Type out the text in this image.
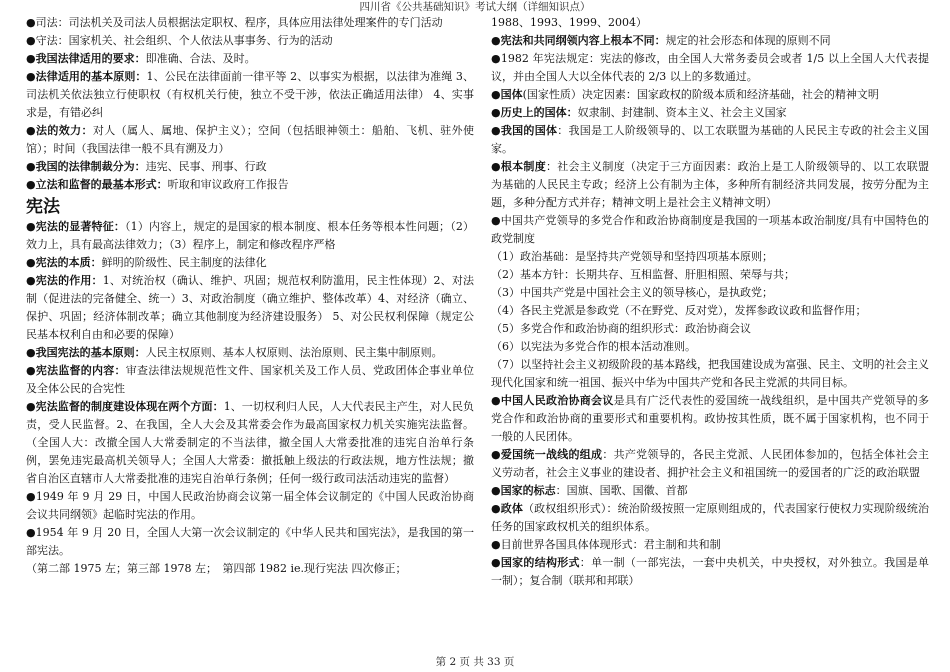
四川省《公共基础知识》考试大纲（详细知识点）

●司法：司法机关及司法人员根据法定职权、程序，具体应用法律处理案件的专门活动

●守法：国家机关、社会组织、个人依法从事事务、行为的活动

●我国法律适用的要求：即准确、合法、及时。

●法律适用的基本原则：1、公民在法律面前一律平等 2、以事实为根据，以法律为准绳 3、司法机关依法独立行使职权（有权机关行使，独立不受干涉，依法正确适用法律） 4、实事求是，有错必纠

●法的效力：对人（属人、属地、保护主义）；空间（包括眼神领土：船舶、飞机、驻外使馆）；时间（我国法律一般不具有溯及力）

●我国的法律制裁分为：违宪、民事、刑事、行政

●立法和监督的最基本形式：听取和审议政府工作报告

宪法

●宪法的显著特征：（1）内容上，规定的是国家的根本制度、根本任务等根本性问题；（2）效力上，具有最高法律效力；（3）程序上，制定和修改程序严格

●宪法的本质：鲜明的阶级性、民主制度的法律化

●宪法的作用：1、对统治权（确认、维护、巩固；规范权利防滥用，民主性体现）2、对法制（促进法的完备健全、统一）3、对政治制度（确立维护、整体改革）4、对经济（确立、保护、巩固；经济体制改革；确立其他制度为经济建设服务） 5、对公民权利保障（规定公民基本权利自由和必要的保障）

●我国宪法的基本原则：人民主权原则、基本人权原则、法治原则、民主集中制原则。

●宪法监督的内容：审查法律法规规范性文件、国家机关及工作人员、党政团体企事业单位及全体公民的合宪性

●宪法监督的制度建设体现在两个方面：1、一切权利归人民，人大代表民主产生，对人民负责，受人民监督。2、在我国，全人大会及其常委会作为最高国家权力机关实施宪法监督。（全国人大：改撤全国人大常委制定的不当法律，撤全国人大常委批准的违宪自治单行条例，罢免违宪最高机关领导人；全国人大常委：撤抵触上级法的行政法规，地方性法规；撤省自治区直辖市人大常委批准的违宪自治单行条例；任何一级行政司法活动违宪的监督）

●1949 年 9 月 29 日，中国人民政治协商会议第一届全体会议制定的《中国人民政治协商会议共同纲领》起临时宪法的作用。

●1954 年 9 月 20 日，全国人大第一次会议制定的《中华人民共和国宪法》，是我国的第一部宪法。

（第二部 1975 左；第三部 1978 左；　第四部 1982 ie.现行宪法 四次修正；

1988、1993、1999、2004）

●宪法和共同纲领内容上根本不同：规定的社会形态和体现的原则不同

●1982 年宪法规定：宪法的修改，由全国人大常务委员会或者 1/5 以上全国人大代表提议，并由全国人大以全体代表的 2/3 以上的多数通过。

●国体(国家性质）决定因素：国家政权的阶级本质和经济基础，社会的精神文明

●历史上的国体：奴隶制、封建制、资本主义、社会主义国家

●我国的国体：我国是工人阶级领导的、以工农联盟为基础的人民民主专政的社会主义国家。

●根本制度：社会主义制度（决定于三方面因素：政治上是工人阶级领导的、以工农联盟为基础的人民民主专政；经济上公有制为主体，多种所有制经济共同发展，按劳分配为主题，多种分配方式并存；精神文明上是社会主义精神文明）

●中国共产党领导的多党合作和政治协商制度是我国的一项基本政治制度/具有中国特色的政党制度

（1）政治基础：是坚持共产党领导和坚持四项基本原则；

（2）基本方针：长期共存、互相监督、肝胆相照、荣辱与共；

（3）中国共产党是中国社会主义的领导核心，是执政党；

（4）各民主党派是参政党（不在野党、反对党），发挥参政议政和监督作用；

（5）多党合作和政治协商的组织形式：政治协商会议

（6）以宪法为多党合作的根本活动准则。

（7）以坚持社会主义初级阶段的基本路线，把我国建设成为富强、民主、文明的社会主义现代化国家和统一祖国、振兴中华为中国共产党和各民主党派的共同目标。

●中国人民政治协商会议是具有广泛代表性的爱国统一战线组织，是中国共产党领导的多党合作和政治协商的重要形式和重要机构。政协按其性质，既不属于国家机构，也不同于一般的人民团体。

●爱国统一战线的组成：共产党领导的，各民主党派、人民团体参加的，包括全体社会主义劳动者，社会主义事业的建设者、拥护社会主义和祖国统一的爱国者的广泛的政治联盟

●国家的标志：国旗、国歌、国徽、首都

●政体（政权组织形式）：统治阶级按照一定原则组成的，代表国家行使权力实现阶级统治任务的国家政权机关的组织体系。

●目前世界各国具体体现形式：君主制和共和制

●国家的结构形式：单一制（一部宪法，一套中央机关，中央授权，对外独立。我国是单一制）；复合制（联邦和邦联）

第 2 页 共 33 页
